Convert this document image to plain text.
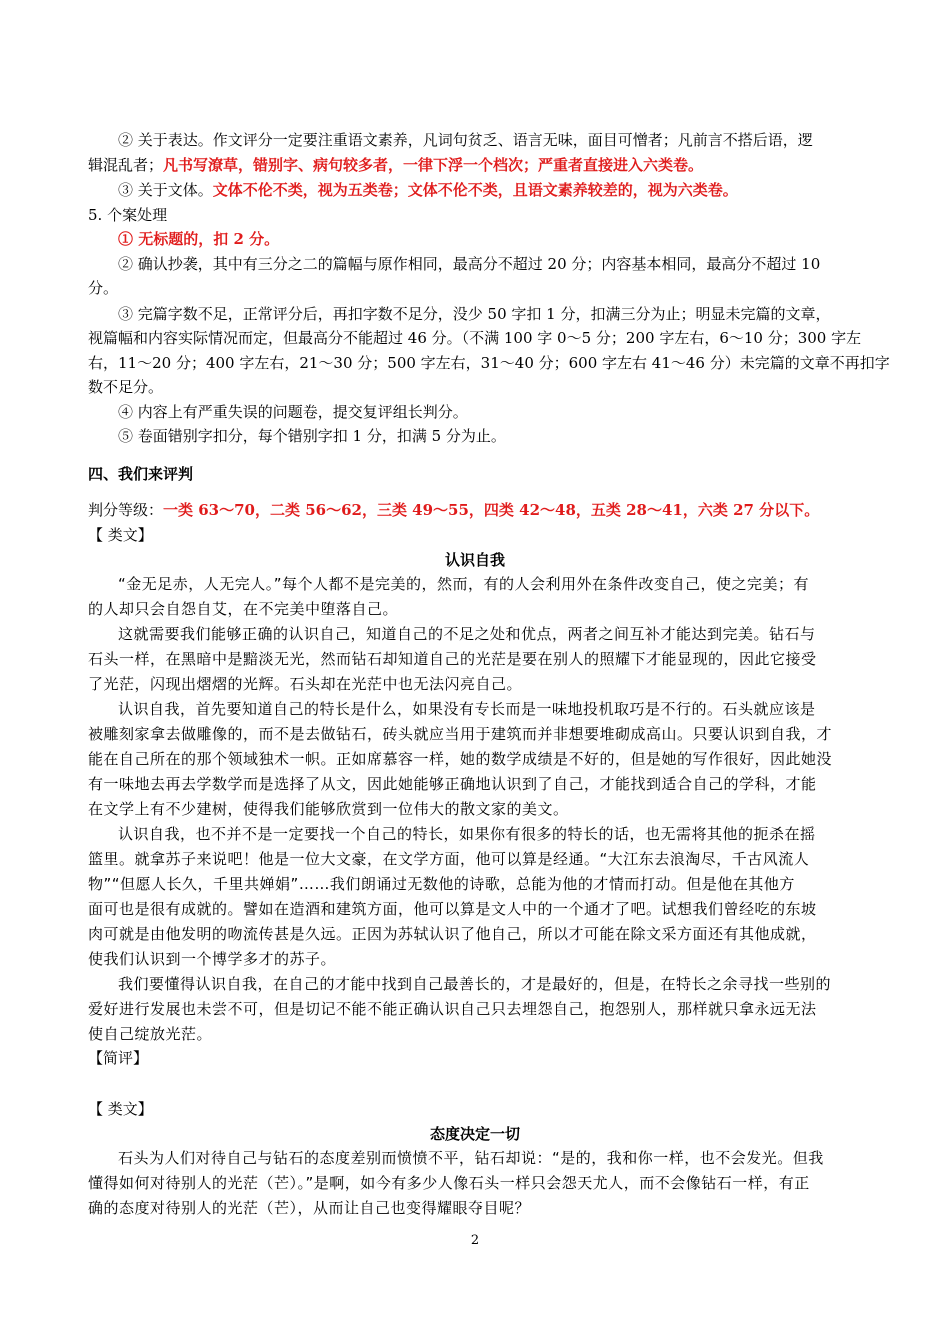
② 关于表达。作文评分一定要注重语文素养，凡词句贫乏、语言无味，面目可憎者；凡前言不搭后语，逻
辑混乱者；凡书写潦草，错别字、病句较多者，一律下浮一个档次；严重者直接进入六类卷。
③ 关于文体。文体不伦不类，视为五类卷；文体不伦不类，且语文素养较差的，视为六类卷。
5. 个案处理
① 无标题的，扣 2 分。
② 确认抄袭，其中有三分之二的篇幅与原作相同，最高分不超过 20 分；内容基本相同，最高分不超过 10
分。
③ 完篇字数不足，正常评分后，再扣字数不足分，没少 50 字扣 1 分，扣满三分为止；明显未完篇的文章，
视篇幅和内容实际情况而定，但最高分不能超过 46 分。（不满 100 字 0～5 分；200 字左右，6～10 分；300 字左
右，11～20 分；400 字左右，21～30 分；500 字左右，31～40 分；600 字左右 41～46 分）未完篇的文章不再扣字
数不足分。
④ 内容上有严重失误的问题卷，提交复评组长判分。
⑤ 卷面错别字扣分，每个错别字扣 1 分，扣满 5 分为止。
四、我们来评判
判分等级：一类 63～70，二类 56～62，三类 49～55，四类 42～48，五类 28～41，六类 27 分以下。
【 类文】
认识自我
“金无足赤，人无完人。”每个人都不是完美的，然而，有的人会利用外在条件改变自己，使之完美；有
的人却只会自怨自艾，在不完美中堕落自己。
这就需要我们能够正确的认识自己，知道自己的不足之处和优点，两者之间互补才能达到完美。钻石与
石头一样，在黑暗中是黯淡无光，然而钻石却知道自己的光茫是要在别人的照耀下才能显现的，因此它接受
了光茫，闪现出熠熠的光辉。石头却在光茫中也无法闪亮自己。
认识自我，首先要知道自己的特长是什么，如果没有专长而是一味地投机取巧是不行的。石头就应该是
被雕刻家拿去做雕像的，而不是去做钻石，砖头就应当用于建筑而并非想要堆砌成高山。只要认识到自我，才
能在自己所在的那个领域独术一帜。正如席慕容一样，她的数学成绩是不好的，但是她的写作很好，因此她没
有一味地去再去学数学而是选择了从文，因此她能够正确地认识到了自己，才能找到适合自己的学科，才能
在文学上有不少建树，使得我们能够欣赏到一位伟大的散文家的美文。
认识自我，也不并不是一定要找一个自己的特长，如果你有很多的特长的话，也无需将其他的扼杀在摇
篮里。就拿苏子来说吧！他是一位大文豪，在文学方面，他可以算是经通。“大江东去浪淘尽，千古风流人
物”“但愿人长久，千里共婵娟”……我们朗诵过无数他的诗歌，总能为他的才情而打动。但是他在其他方
面可也是很有成就的。譬如在造酒和建筑方面，他可以算是文人中的一个通才了吧。试想我们曾经吃的东坡
肉可就是由他发明的吻流传甚是久远。正因为苏轼认识了他自己，所以才可能在除文采方面还有其他成就，
使我们认识到一个博学多才的苏子。
我们要懂得认识自我，在自己的才能中找到自己最善长的，才是最好的，但是，在特长之余寻找一些别的
爱好进行发展也未尝不可，但是切记不能不能正确认识自己只去埋怨自己，抱怨别人，那样就只拿永远无法
使自己绽放光茫。
【简评】
【 类文】
态度决定一切
石头为人们对待自己与钻石的态度差别而愤愤不平，钻石却说：“是的，我和你一样，也不会发光。但我
懂得如何对待别人的光茫（芒）。”是啊，如今有多少人像石头一样只会怨天尤人，而不会像钻石一样，有正
确的态度对待别人的光茫（芒），从而让自己也变得耀眼夺目呢？
2
